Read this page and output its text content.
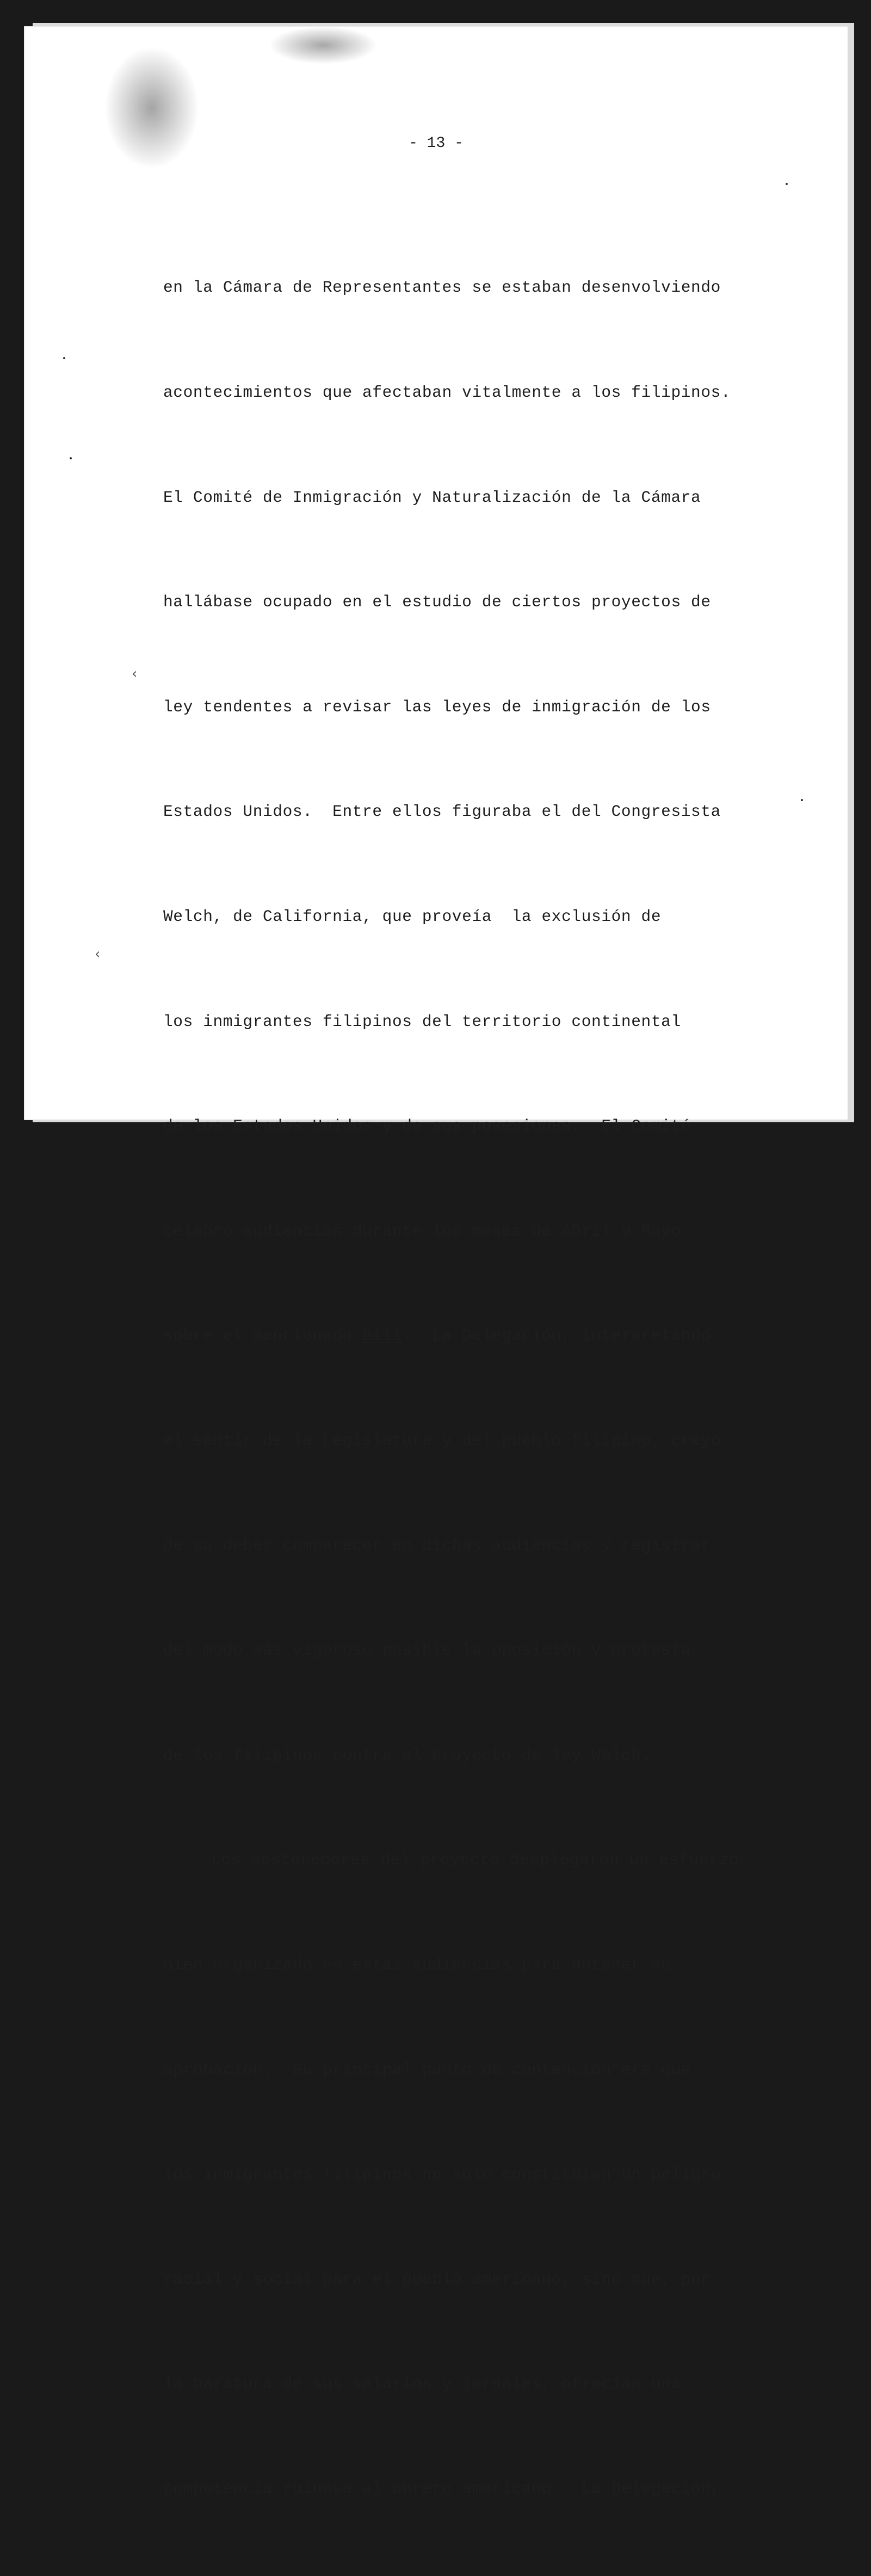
- 13 -

en la Cámara de Representantes se estaban desenvolviendo

acontecimientos que afectaban vitalmente a los filipinos.

El Comité de Inmigración y Naturalización de la Cámara

hallábase ocupado en el estudio de ciertos proyectos de

ley tendentes a revisar las leyes de inmigración de los

Estados Unidos.  Entre ellos figuraba el del Congresista

Welch, de California, que proveía  la exclusión de

los inmigrantes filipinos del territorio continental

de los Estados Unidos y de sus posesiones.  El Comité

celebró audiencias durante los meses de Abril y Mayo

sobre el mencionado bill.  La Delegación, interpretando

el sentir de la Legislatura y del pueblo filipino, creyó

de su deber comparecer en dichas audiencias y registrar

del modo más vigoroso posible la oposición y protesta

de los filipinos contra el proyecto de ley Welch.

Los sostenedores del proyecto desplegaron un esfuerzo

bien organizado en estas audiencias para obtener su

aprobación.  Su principal punto de contención era que

los inmigrantes filipinos no sólo constituían un peligro

racial y social para el pueblo americano, sino que, por

la baratura de sus salarios y jornales, ofrecían una

competencia ruinosa al obrero americano.  La Delegación,

‹
‹
